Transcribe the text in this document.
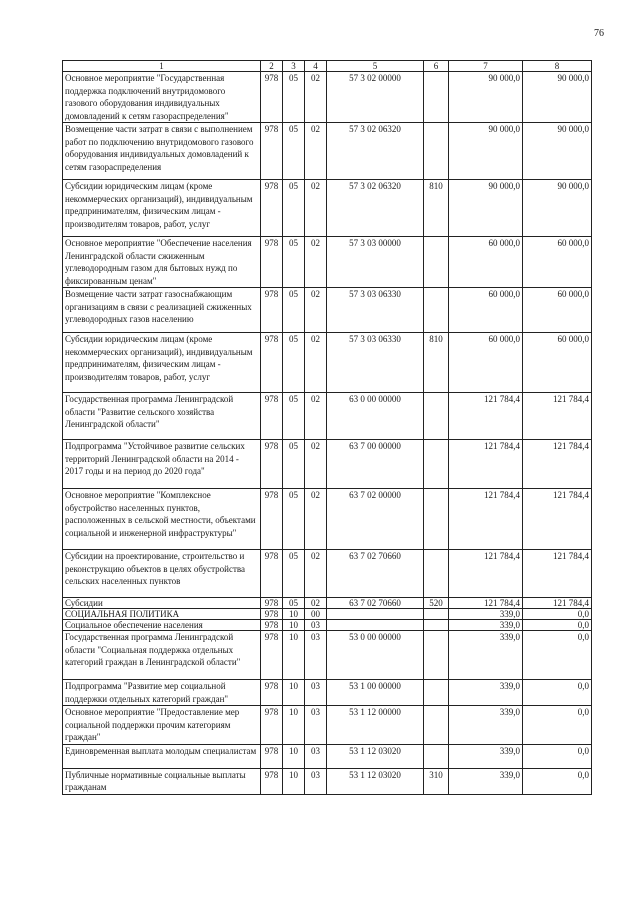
76
1	2	3	4	5	6	7	8
Основное мероприятие "Государственная поддержка подключений внутридомового газового оборудования индивидуальных домовладений к сетям газораспределения"	978	05	02	57 3 02 00000		90 000,0	90 000,0
Возмещение части затрат в связи с выполнением работ по подключению внутридомового газового оборудования индивидуальных домовладений к сетям газораспределения	978	05	02	57 3 02 06320		90 000,0	90 000,0
Субсидии юридическим лицам (кроме некоммерческих организаций), индивидуальным предпринимателям, физическим лицам - производителям товаров, работ, услуг	978	05	02	57 3 02 06320	810	90 000,0	90 000,0
Основное мероприятие "Обеспечение населения Ленинградской области сжиженным углеводородным газом для бытовых нужд по фиксированным ценам"	978	05	02	57 3 03 00000		60 000,0	60 000,0
Возмещение части затрат газоснабжающим организациям в связи с реализацией сжиженных углеводородных газов населению	978	05	02	57 3 03 06330		60 000,0	60 000,0
Субсидии юридическим лицам (кроме некоммерческих организаций), индивидуальным предпринимателям, физическим лицам - производителям товаров, работ, услуг	978	05	02	57 3 03 06330	810	60 000,0	60 000,0
Государственная программа Ленинградской области "Развитие сельского хозяйства Ленинградской области"	978	05	02	63 0 00 00000		121 784,4	121 784,4
Подпрограмма "Устойчивое развитие сельских территорий Ленинградской области на 2014 - 2017 годы и на период до 2020 года"	978	05	02	63 7 00 00000		121 784,4	121 784,4
Основное мероприятие "Комплексное обустройство населенных пунктов, расположенных в сельской местности, объектами социальной и инженерной инфраструктуры"	978	05	02	63 7 02 00000		121 784,4	121 784,4
Субсидии на проектирование, строительство и реконструкцию объектов в целях обустройства сельских населенных пунктов	978	05	02	63 7 02 70660		121 784,4	121 784,4
Субсидии	978	05	02	63 7 02 70660	520	121 784,4	121 784,4
СОЦИАЛЬНАЯ ПОЛИТИКА	978	10	00			339,0	0,0
Социальное обеспечение населения	978	10	03			339,0	0,0
Государственная программа Ленинградской области "Социальная поддержка отдельных категорий граждан в Ленинградской области"	978	10	03	53 0 00 00000		339,0	0,0
Подпрограмма "Развитие мер социальной поддержки отдельных категорий граждан"	978	10	03	53 1 00 00000		339,0	0,0
Основное мероприятие "Предоставление мер социальной поддержки прочим категориям граждан"	978	10	03	53 1 12 00000		339,0	0,0
Единовременная выплата молодым специалистам	978	10	03	53 1 12 03020		339,0	0,0
Публичные нормативные социальные выплаты гражданам	978	10	03	53 1 12 03020	310	339,0	0,0
